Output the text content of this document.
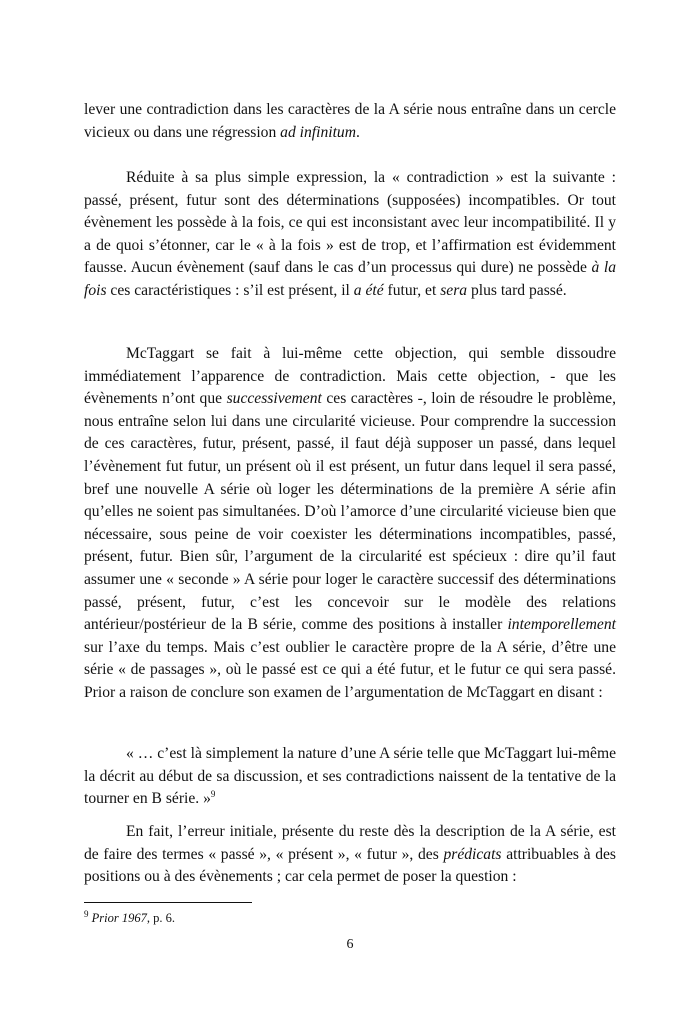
lever une contradiction dans les caractères de la A série nous entraîne dans un cercle vicieux ou dans une régression ad infinitum.

Réduite à sa plus simple expression, la « contradiction » est la suivante : passé, présent, futur sont des déterminations (supposées) incompatibles. Or tout évènement les possède à la fois, ce qui est inconsistant avec leur incompatibilité. Il y a de quoi s’étonner, car le « à la fois » est de trop, et l’affirmation est évidemment fausse. Aucun évènement (sauf dans le cas d’un processus qui dure) ne possède à la fois ces caractéristiques : s’il est présent, il a été futur, et sera plus tard passé.

McTaggart se fait à lui-même cette objection, qui semble dissoudre immédiatement l’apparence de contradiction. Mais cette objection, - que les évènements n’ont que successivement ces caractères -, loin de résoudre le problème, nous entraîne selon lui dans une circularité vicieuse. Pour comprendre la succession de ces caractères, futur, présent, passé, il faut déjà supposer un passé, dans lequel l’évènement fut futur, un présent où il est présent, un futur dans lequel il sera passé, bref une nouvelle A série où loger les déterminations de la première A série afin qu’elles ne soient pas simultanées. D’où l’amorce d’une circularité vicieuse bien que nécessaire, sous peine de voir coexister les déterminations incompatibles, passé, présent, futur. Bien sûr, l’argument de la circularité est spécieux : dire qu’il faut assumer une « seconde » A série pour loger le caractère successif des déterminations passé, présent, futur, c’est les concevoir sur le modèle des relations antérieur/postérieur de la B série, comme des positions à installer intemporellement sur l’axe du temps. Mais c’est oublier le caractère propre de la A série, d’être une série « de passages », où le passé est ce qui a été futur, et le futur ce qui sera passé. Prior a raison de conclure son examen de l’argumentation de McTaggart en disant :

« … c’est là simplement la nature d’une A série telle que McTaggart lui-même la décrit au début de sa discussion, et ses contradictions naissent de la tentative de la tourner en B série. »$^9$

En fait, l’erreur initiale, présente du reste dès la description de la A série, est de faire des termes « passé », « présent », « futur », des prédicats attribuables à des positions ou à des évènements ; car cela permet de poser la question :

$^9$ Prior 1967, p. 6.
6
